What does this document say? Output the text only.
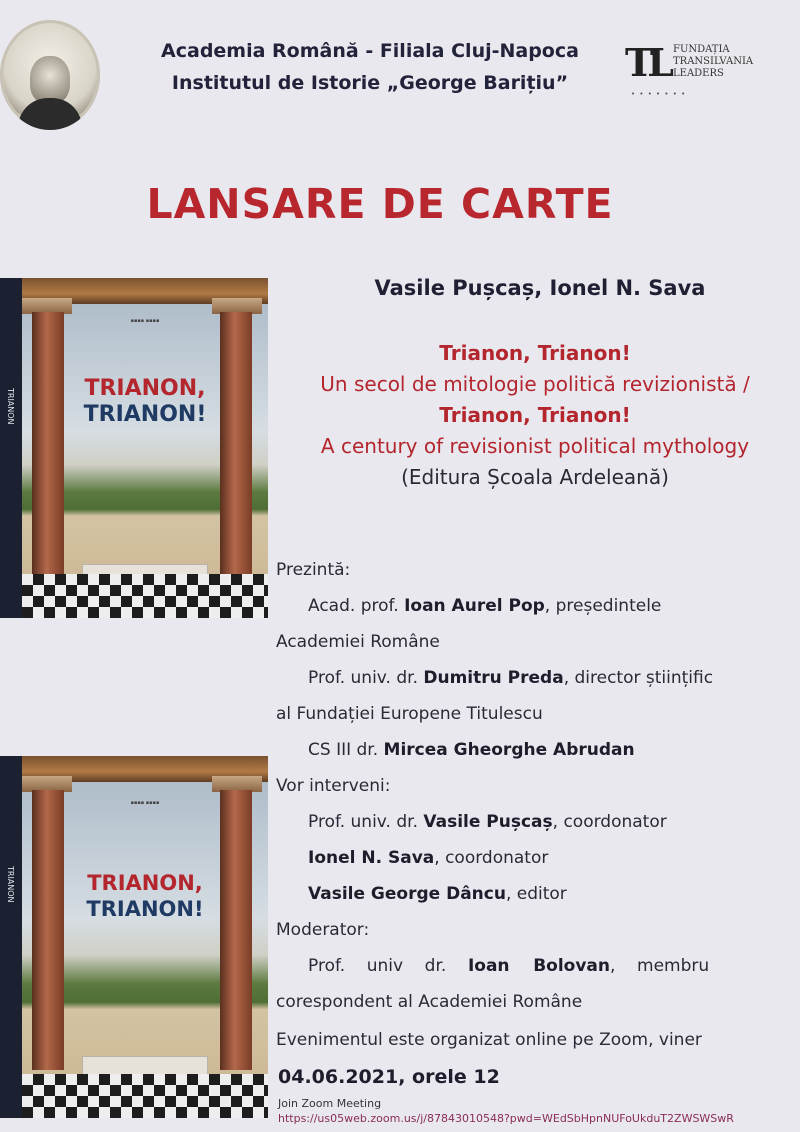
Academia Română - Filiala Cluj-Napoca
Institutul de Istorie „George Barițiu”	TL FUNDAȚIA
TRANSILVANIA
LEADERS
• • • • • • •
LANSARE DE CARTE
TRIANON
▪▪▪▪ ▪▪▪▪
TRIANON,
TRIANON!
TRIANON
▪▪▪▪ ▪▪▪▪
TRIANON,
TRIANON!
Vasile Pușcaș, Ionel N. Sava
Trianon, Trianon!
Un secol de mitologie politică revizionistă /
Trianon, Trianon!
A century of revisionist political mythology
(Editura Școala Ardeleană)
Prezintă:
Acad. prof. Ioan Aurel Pop, președintele
Academiei Române
Prof. univ. dr. Dumitru Preda, director științific
al Fundației Europene Titulescu
CS III dr. Mircea Gheorghe Abrudan
Vor interveni:
Prof. univ. dr. Vasile Pușcaș, coordonator
Ionel N. Sava, coordonator
Vasile George Dâncu, editor
Moderator:
Prof.    univ    dr.    Ioan    Bolovan,    membru
corespondent al Academiei Române
Evenimentul este organizat online pe Zoom, viner
04.06.2021, orele 12
Join Zoom Meeting
https://us05web.zoom.us/j/87843010548?pwd=WEdSbHpnNUFoUkduT2ZWSWSwR
